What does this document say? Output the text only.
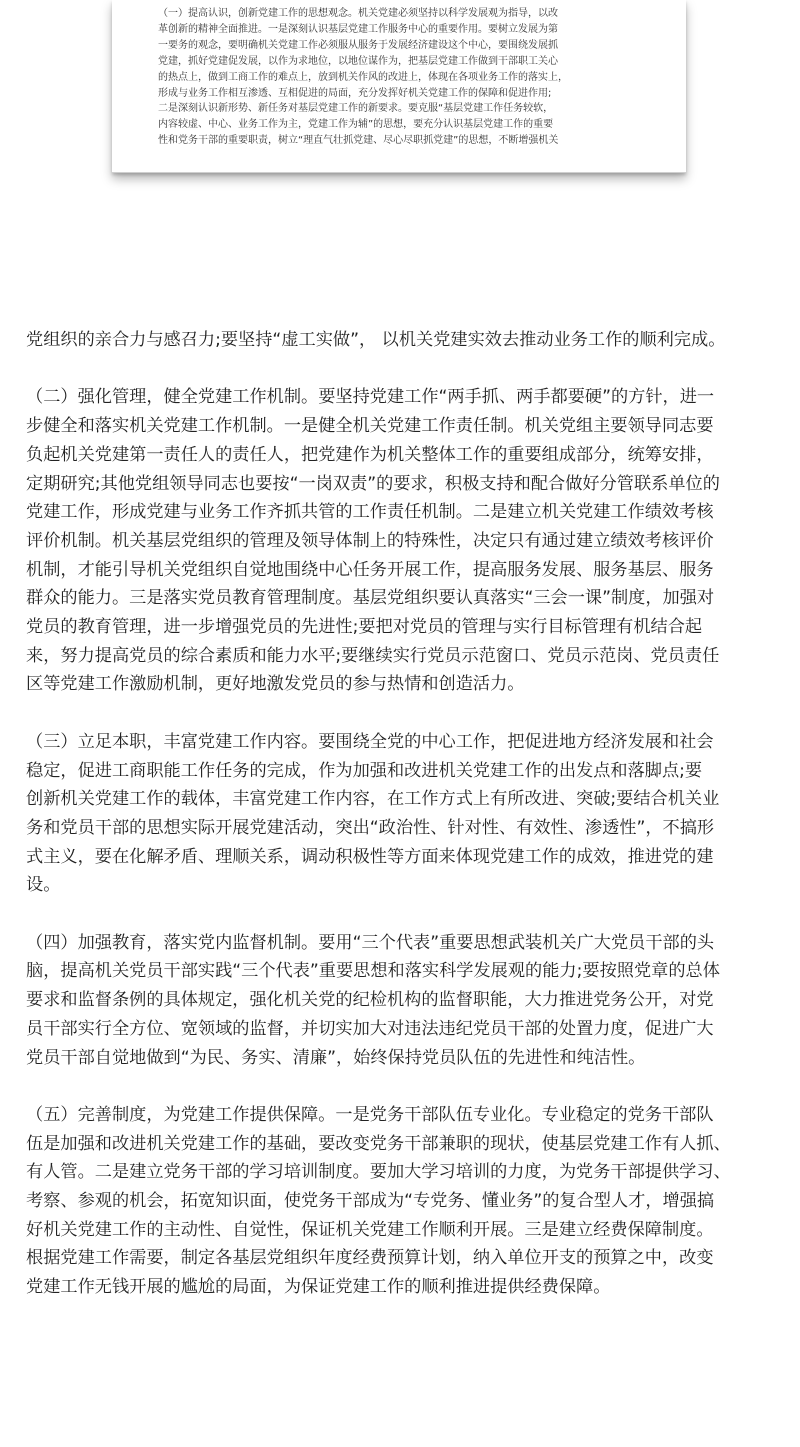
（一）提高认识，创新党建工作的思想观念。机关党建必须坚持以科学发展观为指导，以改
革创新的精神全面推进。一是深刻认识基层党建工作服务中心的重要作用。要树立发展为第
一要务的观念，要明确机关党建工作必须服从服务于发展经济建设这个中心，要围绕发展抓
党建，抓好党建促发展，以作为求地位，以地位谋作为，把基层党建工作做到干部职工关心
的热点上，做到工商工作的难点上，放到机关作风的改进上，体现在各项业务工作的落实上，
形成与业务工作相互渗透、互相促进的局面，充分发挥好机关党建工作的保障和促进作用;
二是深刻认识新形势、新任务对基层党建工作的新要求。要克服“基层党建工作任务较软，
内容较虚、中心、业务工作为主，党建工作为辅”的思想，要充分认识基层党建工作的重要
性和党务干部的重要职责，树立“理直气壮抓党建、尽心尽职抓党建”的思想，不断增强机关

党组织的亲合力与感召力;要坚持“虚工实做”， 以机关党建实效去推动业务工作的顺利完成。
（二）强化管理，健全党建工作机制。要坚持党建工作“两手抓、两手都要硬”的方针，进一
步健全和落实机关党建工作机制。一是健全机关党建工作责任制。机关党组主要领导同志要
负起机关党建第一责任人的责任人，把党建作为机关整体工作的重要组成部分，统筹安排，
定期研究;其他党组领导同志也要按“一岗双责”的要求，积极支持和配合做好分管联系单位的
党建工作，形成党建与业务工作齐抓共管的工作责任机制。二是建立机关党建工作绩效考核
评价机制。机关基层党组织的管理及领导体制上的特殊性，决定只有通过建立绩效考核评价
机制，才能引导机关党组织自觉地围绕中心任务开展工作，提高服务发展、服务基层、服务
群众的能力。三是落实党员教育管理制度。基层党组织要认真落实“三会一课”制度，加强对
党员的教育管理，进一步增强党员的先进性;要把对党员的管理与实行目标管理有机结合起
来，努力提高党员的综合素质和能力水平;要继续实行党员示范窗口、党员示范岗、党员责任
区等党建工作激励机制，更好地激发党员的参与热情和创造活力。
（三）立足本职，丰富党建工作内容。要围绕全党的中心工作，把促进地方经济发展和社会
稳定，促进工商职能工作任务的完成，作为加强和改进机关党建工作的出发点和落脚点;要
创新机关党建工作的载体，丰富党建工作内容，在工作方式上有所改进、突破;要结合机关业
务和党员干部的思想实际开展党建活动，突出“政治性、针对性、有效性、渗透性”，不搞形
式主义，要在化解矛盾、理顺关系，调动积极性等方面来体现党建工作的成效，推进党的建
设。
（四）加强教育，落实党内监督机制。要用“三个代表”重要思想武装机关广大党员干部的头
脑，提高机关党员干部实践“三个代表”重要思想和落实科学发展观的能力;要按照党章的总体
要求和监督条例的具体规定，强化机关党的纪检机构的监督职能，大力推进党务公开，对党
员干部实行全方位、宽领域的监督，并切实加大对违法违纪党员干部的处置力度，促进广大
党员干部自觉地做到“为民、务实、清廉”，始终保持党员队伍的先进性和纯洁性。
（五）完善制度，为党建工作提供保障。一是党务干部队伍专业化。专业稳定的党务干部队
伍是加强和改进机关党建工作的基础，要改变党务干部兼职的现状，使基层党建工作有人抓、
有人管。二是建立党务干部的学习培训制度。要加大学习培训的力度，为党务干部提供学习、
考察、参观的机会，拓宽知识面，使党务干部成为“专党务、懂业务”的复合型人才，增强搞
好机关党建工作的主动性、自觉性，保证机关党建工作顺利开展。三是建立经费保障制度。
根据党建工作需要，制定各基层党组织年度经费预算计划，纳入单位开支的预算之中，改变
党建工作无钱开展的尴尬的局面，为保证党建工作的顺利推进提供经费保障。
